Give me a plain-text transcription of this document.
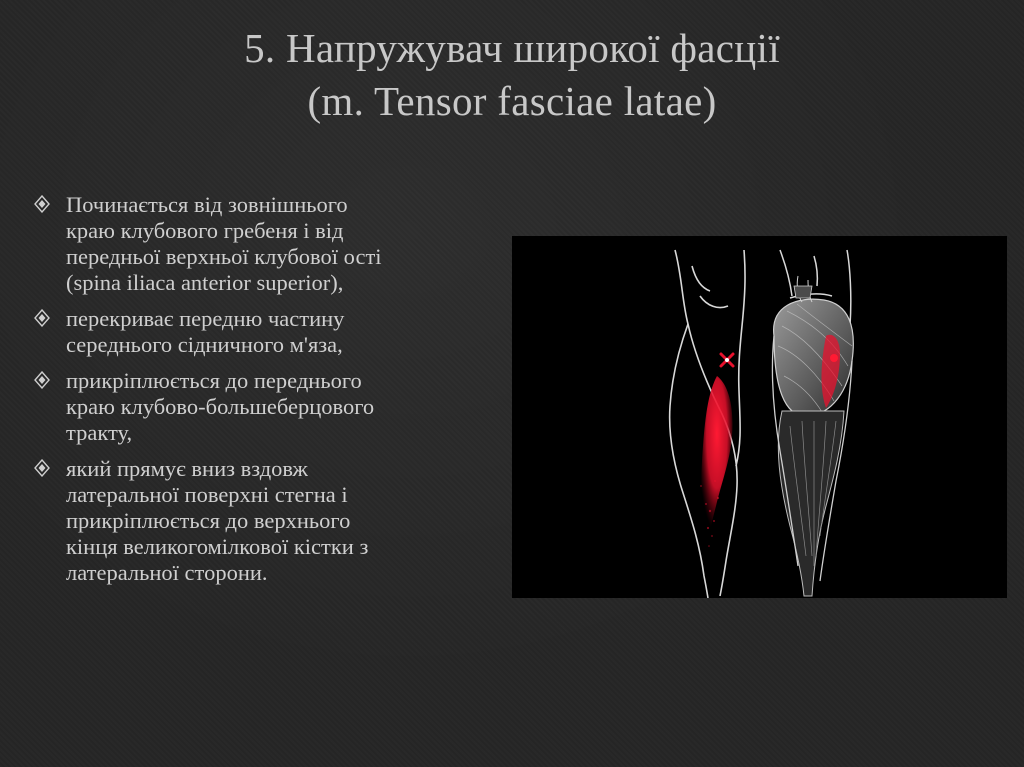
5. Напружувач широкої фасції
(m. Tensor fasciae latae)
Починається від зовнішнього
краю клубового гребеня і від
передньої верхньої клубової ості
(spina iliaca anterior superior),
перекриває передню частину
середнього сідничного м'яза,
прикріплюється до переднього
краю клубово-большеберцового
тракту,
який прямує вниз вздовж
латеральної поверхні стегна і
прикріплюється до верхнього
кінця великогомілкової кістки з
латеральної сторони.
